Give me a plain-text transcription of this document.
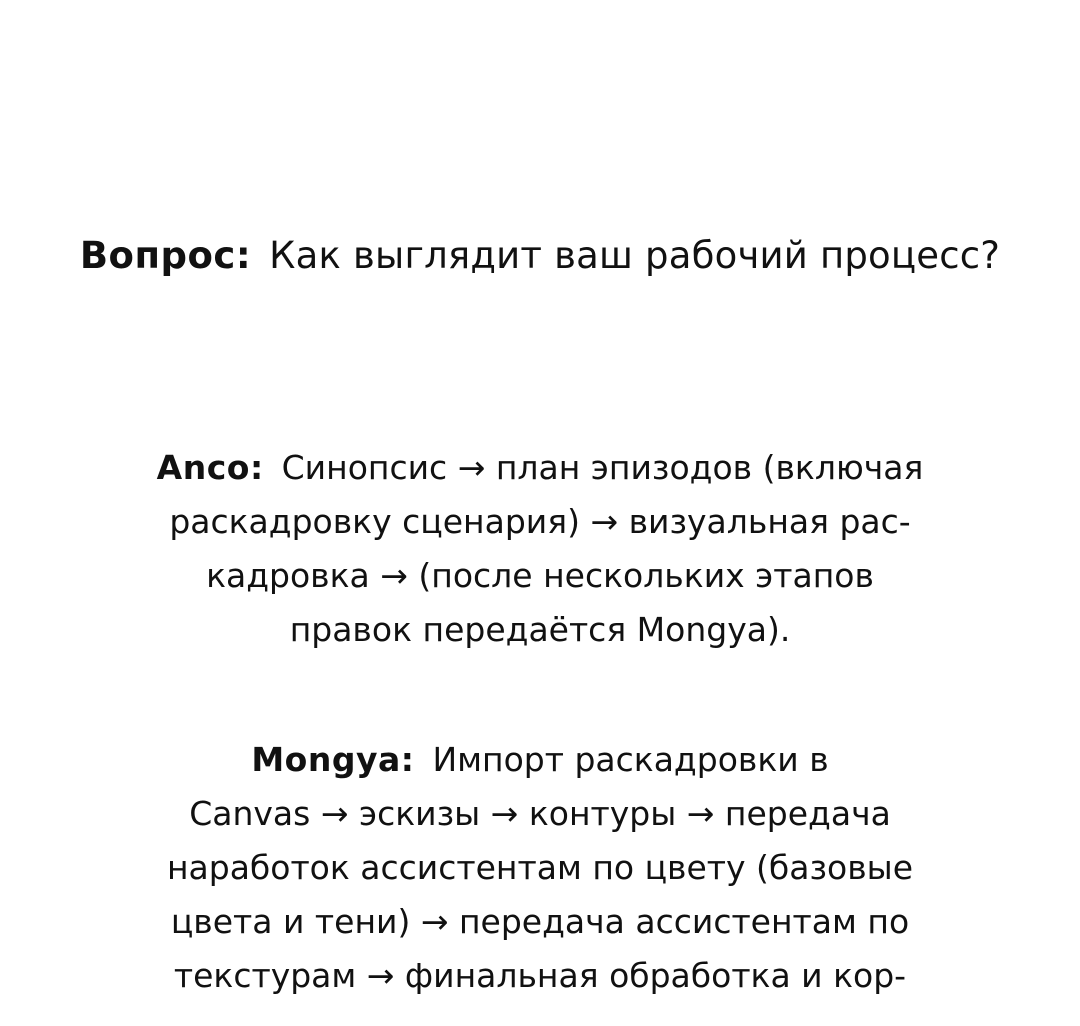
Вопрос: Как выглядит ваш рабочий процесс?
Anco: Синопсис → план эпизодов (включая
раскадровку сценария) → визуальная рас-
кадровка → (после нескольких этапов
правок передаётся Mongya).
Mongya: Импорт раскадровки в
Canvas → эскизы → контуры → передача
наработок ассистентам по цвету (базовые
цвета и тени) → передача ассистентам по
текстурам → финальная обработка и кор-
